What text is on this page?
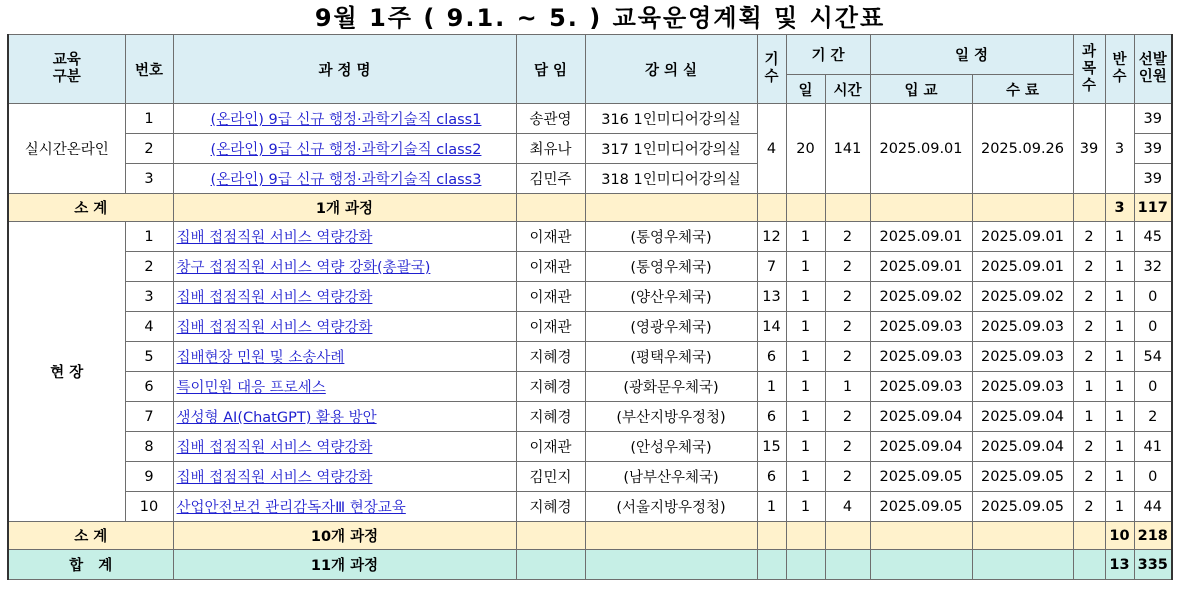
9월 1주 ( 9.1. ~ 5. ) 교육운영계획 및 시간표
교육
구분	번호	과 정 명	담 임	강 의 실	기
수	기 간		일 정		과
목
수	반
수	선발
인원
						일	시간	입 교	수 료			
실시간온라인	1	(온라인) 9급 신규 행정·과학기술직 class1	송관영	316 1인미디어강의실	4	20	141	2025.09.01	2025.09.26	39	3	39
	2	(온라인) 9급 신규 행정·과학기술직 class2	최유나	317 1인미디어강의실								39
	3	(온라인) 9급 신규 행정·과학기술직 class3	김민주	318 1인미디어강의실								39
소 계		1개 과정									3	117
현 장	1	집배 접점직원 서비스 역량강화	이재관	(통영우체국)	12	1	2	2025.09.01	2025.09.01	2	1	45
	2	창구 접점직원 서비스 역량 강화(총괄국)	이재관	(통영우체국)	7	1	2	2025.09.01	2025.09.01	2	1	32
	3	집배 접점직원 서비스 역량강화	이재관	(양산우체국)	13	1	2	2025.09.02	2025.09.02	2	1	0
	4	집배 접점직원 서비스 역량강화	이재관	(영광우체국)	14	1	2	2025.09.03	2025.09.03	2	1	0
	5	집배현장 민원 및 소송사례	지혜경	(평택우체국)	6	1	2	2025.09.03	2025.09.03	2	1	54
	6	특이민원 대응 프로세스	지혜경	(광화문우체국)	1	1	1	2025.09.03	2025.09.03	1	1	0
	7	생성형 AI(ChatGPT) 활용 방안	지혜경	(부산지방우정청)	6	1	2	2025.09.04	2025.09.04	1	1	2
	8	집배 접점직원 서비스 역량강화	이재관	(안성우체국)	15	1	2	2025.09.04	2025.09.04	2	1	41
	9	집배 접점직원 서비스 역량강화	김민지	(남부산우체국)	6	1	2	2025.09.05	2025.09.05	2	1	0
	10	산업안전보건 관리감독자Ⅲ 현장교육	지혜경	(서울지방우정청)	1	1	4	2025.09.05	2025.09.05	2	1	44
소 계		10개 과정									10	218
합   계		11개 과정									13	335
